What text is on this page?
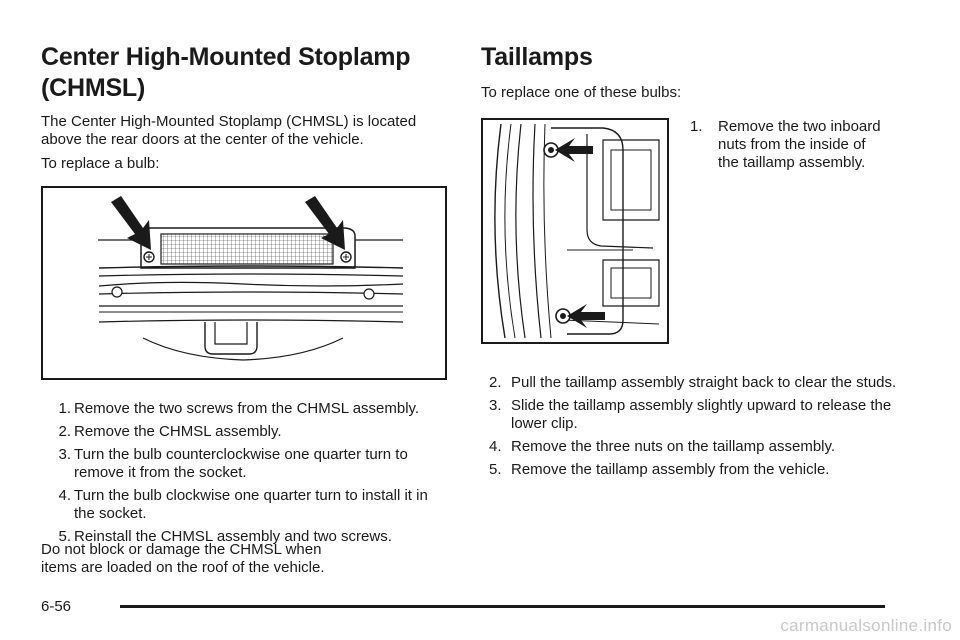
Center High-Mounted Stoplamp (CHMSL)

The Center High-Mounted Stoplamp (CHMSL) is located above the rear doors at the center of the vehicle.

To replace a bulb:

1. Remove the two screws from the CHMSL assembly.
2. Remove the CHMSL assembly.
3. Turn the bulb counterclockwise one quarter turn to remove it from the socket.
4. Turn the bulb clockwise one quarter turn to install it in the socket.
5. Reinstall the CHMSL assembly and two screws.

Do not block or damage the CHMSL when items are loaded on the roof of the vehicle.

Taillamps

To replace one of these bulbs:

1. Remove the two inboard nuts from the inside of the taillamp assembly.
2. Pull the taillamp assembly straight back to clear the studs.
3. Slide the taillamp assembly slightly upward to release the lower clip.
4. Remove the three nuts on the taillamp assembly.
5. Remove the taillamp assembly from the vehicle.
6-56
carmanualsonline.info
